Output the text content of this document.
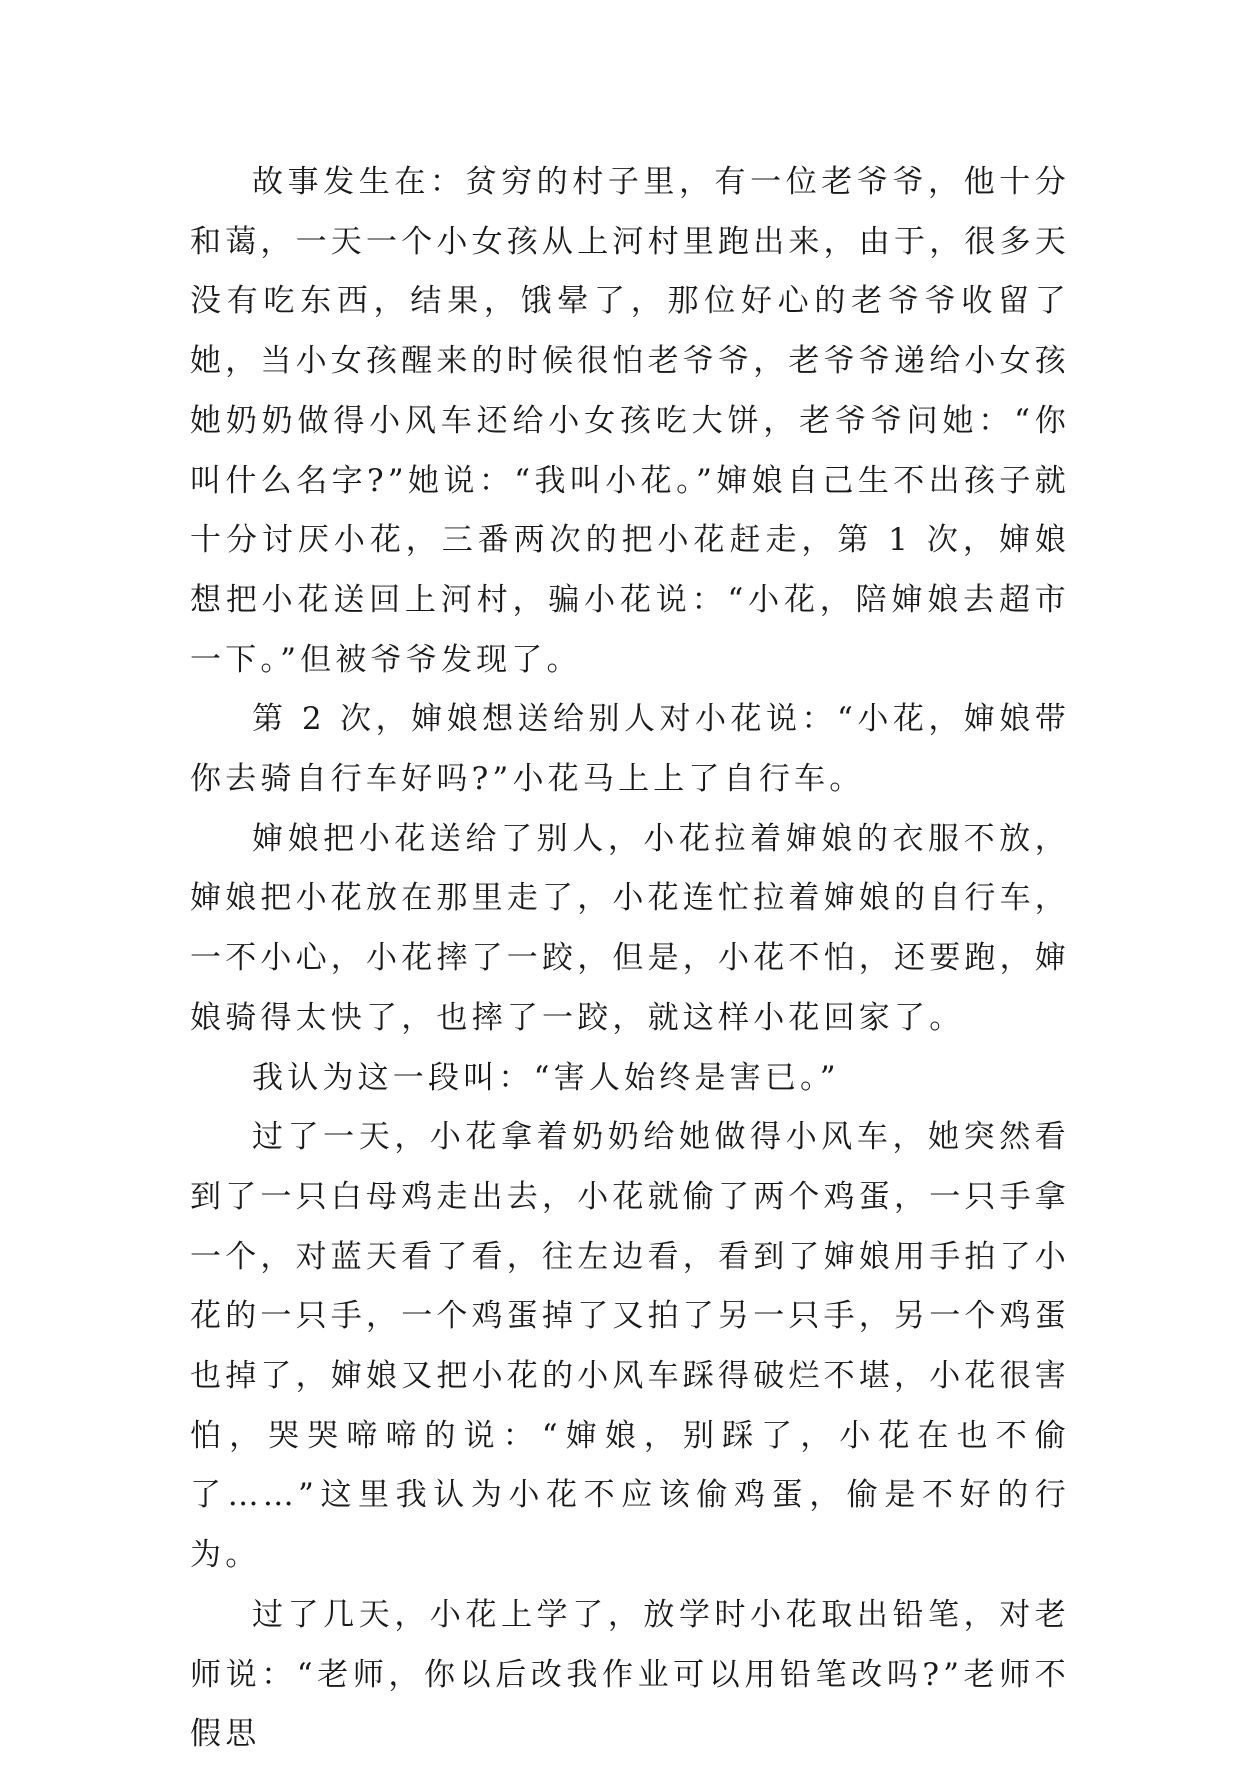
故事发生在：贫穷的村子里，有一位老爷爷，他十分和蔼，一天一个小女孩从上河村里跑出来，由于，很多天没有吃东西，结果，饿晕了，那位好心的老爷爷收留了她，当小女孩醒来的时候很怕老爷爷，老爷爷递给小女孩她奶奶做得小风车还给小女孩吃大饼，老爷爷问她：“你叫什么名字?”她说：“我叫小花。”婶娘自己生不出孩子就十分讨厌小花，三番两次的把小花赶走，第 1 次，婶娘想把小花送回上河村，骗小花说：“小花，陪婶娘去超市一下。”但被爷爷发现了。

第 2 次，婶娘想送给别人对小花说：“小花，婶娘带你去骑自行车好吗?”小花马上上了自行车。

婶娘把小花送给了别人，小花拉着婶娘的衣服不放，婶娘把小花放在那里走了，小花连忙拉着婶娘的自行车，一不小心，小花摔了一跤，但是，小花不怕，还要跑，婶娘骑得太快了，也摔了一跤，就这样小花回家了。

我认为这一段叫：“害人始终是害已。”

过了一天，小花拿着奶奶给她做得小风车，她突然看到了一只白母鸡走出去，小花就偷了两个鸡蛋，一只手拿一个，对蓝天看了看，往左边看，看到了婶娘用手拍了小花的一只手，一个鸡蛋掉了又拍了另一只手，另一个鸡蛋也掉了，婶娘又把小花的小风车踩得破烂不堪，小花很害怕，哭哭啼啼的说：“婶娘，别踩了，小花在也不偷了……”这里我认为小花不应该偷鸡蛋，偷是不好的行为。

过了几天，小花上学了，放学时小花取出铅笔，对老师说：“老师，你以后改我作业可以用铅笔改吗?”老师不假思
